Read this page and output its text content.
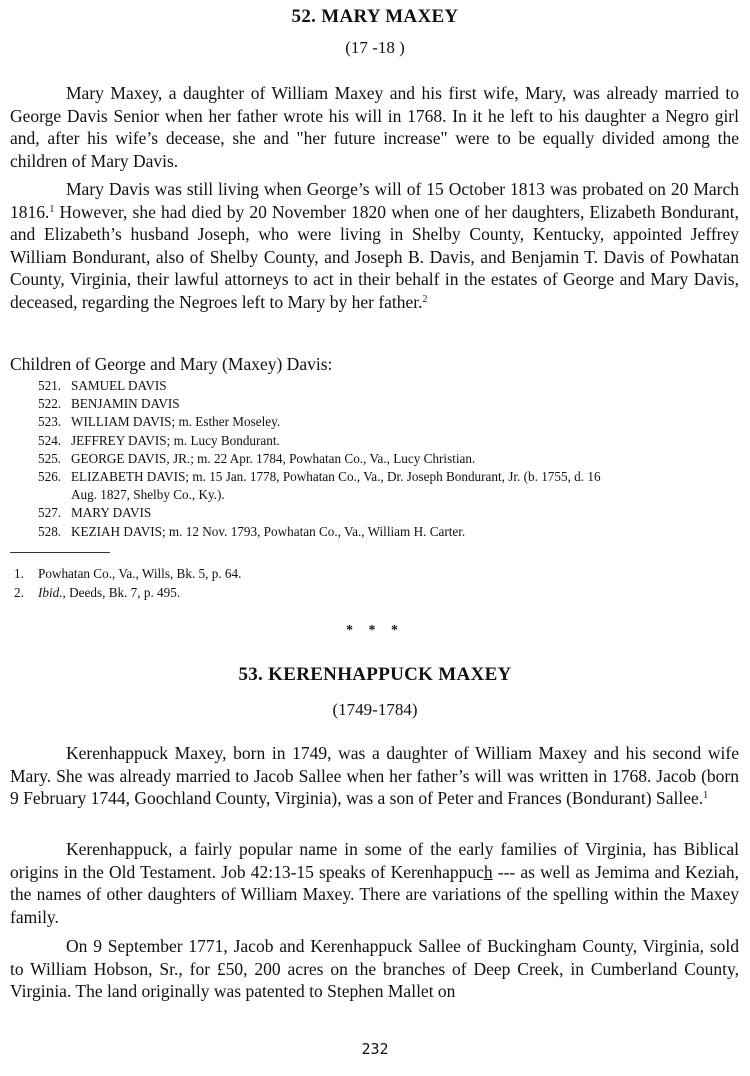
52. MARY MAXEY
(17 -18 )
Mary Maxey, a daughter of William Maxey and his first wife, Mary, was already married to George Davis Senior when her father wrote his will in 1768. In it he left to his daughter a Negro girl and, after his wife’s decease, she and "her future increase" were to be equally divided among the children of Mary Davis.
Mary Davis was still living when George’s will of 15 October 1813 was probated on 20 March 1816.$^1$ However, she had died by 20 November 1820 when one of her daughters, Elizabeth Bondurant, and Elizabeth’s husband Joseph, who were living in Shelby County, Kentucky, appointed Jeffrey William Bondurant, also of Shelby County, and Joseph B. Davis, and Benjamin T. Davis of Powhatan County, Virginia, their lawful attorneys to act in their behalf in the estates of George and Mary Davis, deceased, regarding the Negroes left to Mary by her father.$^2$
Children of George and Mary (Maxey) Davis:
521. SAMUEL DAVIS
522. BENJAMIN DAVIS
523. WILLIAM DAVIS; m. Esther Moseley.
524. JEFFREY DAVIS; m. Lucy Bondurant.
525. GEORGE DAVIS, JR.; m. 22 Apr. 1784, Powhatan Co., Va., Lucy Christian.
526. ELIZABETH DAVIS; m. 15 Jan. 1778, Powhatan Co., Va., Dr. Joseph Bondurant, Jr. (b. 1755, d. 16
Aug. 1827, Shelby Co., Ky.).
527. MARY DAVIS
528. KEZIAH DAVIS; m. 12 Nov. 1793, Powhatan Co., Va., William H. Carter.
1. Powhatan Co., Va., Wills, Bk. 5, p. 64.
2. Ibid., Deeds, Bk. 7, p. 495.
* * *
53. KERENHAPPUCK MAXEY
(1749-1784)
Kerenhappuck Maxey, born in 1749, was a daughter of William Maxey and his second wife Mary. She was already married to Jacob Sallee when her father’s will was written in 1768. Jacob (born 9 February 1744, Goochland County, Virginia), was a son of Peter and Frances (Bondurant) Sallee.$^1$
Kerenhappuck, a fairly popular name in some of the early families of Virginia, has Biblical origins in the Old Testament. Job 42:13-15 speaks of Kerenhappuch --- as well as Jemima and Keziah, the names of other daughters of William Maxey. There are variations of the spelling within the Maxey family.
On 9 September 1771, Jacob and Kerenhappuck Sallee of Buckingham County, Virginia, sold to William Hobson, Sr., for £50, 200 acres on the branches of Deep Creek, in Cumberland County, Virginia. The land originally was patented to Stephen Mallet on
232
